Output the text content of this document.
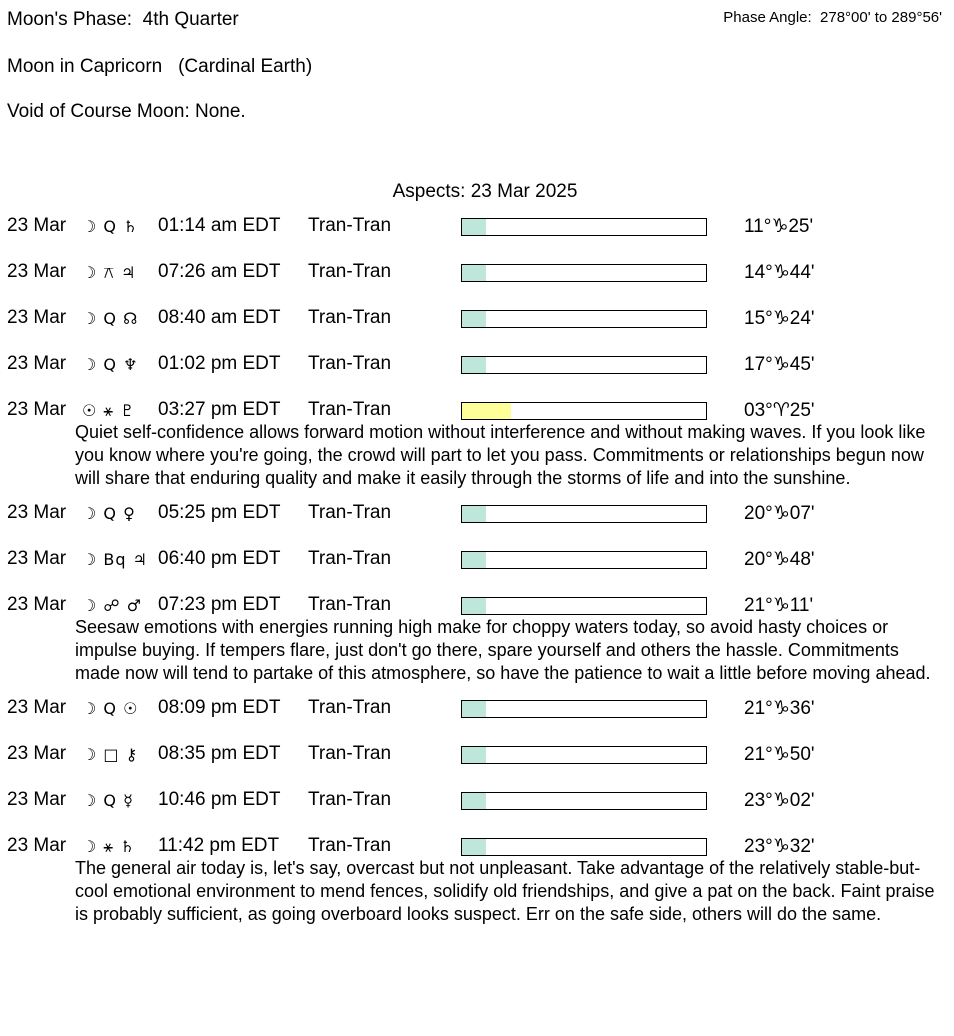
Moon's Phase:  4th Quarter	Phase Angle:  278°00' to 289°56'
Moon in Capricorn   (Cardinal Earth)
Void of Course Moon: None.
Aspects: 23 Mar 2025
23 Mar ☽ Q ♄ 01:14 am EDT Tran-Tran	11°♑25'
23 Mar ☽ ⚻ ♃ 07:26 am EDT Tran-Tran	14°♑44'
23 Mar ☽ Q ☊ 08:40 am EDT Tran-Tran	15°♑24'
23 Mar ☽ Q ♆ 01:02 pm EDT Tran-Tran	17°♑45'
23 Mar ☉ ⚹ ♇ 03:27 pm EDT Tran-Tran	03°♈25'
Quiet self-confidence allows forward motion without interference and without making waves. If you look like you know where you're going, the crowd will part to let you pass. Commitments or relationships begun now will share that enduring quality and make it easily through the storms of life and into the sunshine.
23 Mar ☽ Q ♀ 05:25 pm EDT Tran-Tran	20°♑07'
23 Mar ☽ Bq ♃ 06:40 pm EDT Tran-Tran	20°♑48'
23 Mar ☽ ☍ ♂ 07:23 pm EDT Tran-Tran	21°♑11'
Seesaw emotions with energies running high make for choppy waters today, so avoid hasty choices or impulse buying. If tempers flare, just don't go there, spare yourself and others the hassle. Commitments made now will tend to partake of this atmosphere, so have the patience to wait a little before moving ahead.
23 Mar ☽ Q ☉ 08:09 pm EDT Tran-Tran	21°♑36'
23 Mar ☽ □ ⚷ 08:35 pm EDT Tran-Tran	21°♑50'
23 Mar ☽ Q ☿ 10:46 pm EDT Tran-Tran	23°♑02'
23 Mar ☽ ⚹ ♄ 11:42 pm EDT Tran-Tran	23°♑32'
The general air today is, let's say, overcast but not unpleasant. Take advantage of the relatively stable-but-cool emotional environment to mend fences, solidify old friendships, and give a pat on the back. Faint praise is probably sufficient, as going overboard looks suspect. Err on the safe side, others will do the same.
